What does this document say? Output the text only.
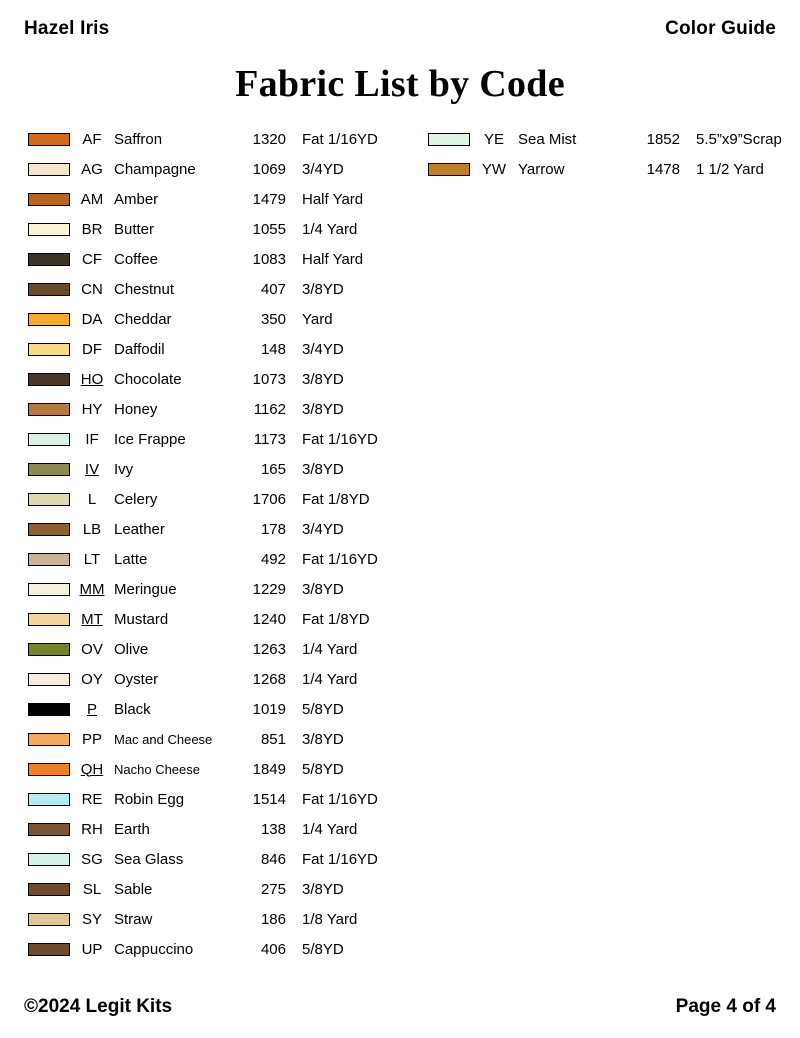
Hazel Iris	Color Guide
Fabric List by Code
AF Saffron	1320	Fat 1/16YD
AG Champagne	1069	3/4YD
AM Amber	1479	Half Yard
BR Butter	1055	1/4 Yard
CF Coffee	1083	Half Yard
CN Chestnut	407	3/8YD
DA Cheddar	350	Yard
DF Daffodil	148	3/4YD
HO Chocolate	1073	3/8YD
HY Honey	1162	3/8YD
IF	Ice Frappe	1173	Fat 1/16YD
IV Ivy	165	3/8YD
L	Celery	1706	Fat 1/8YD
LB Leather	178	3/4YD
LT Latte	492	Fat 1/16YD
MM Meringue	1229	3/8YD
MT Mustard	1240	Fat 1/8YD
OV Olive	1263	1/4 Yard
OY Oyster	1268	1/4 Yard
P	Black	1019	5/8YD
PP Mac and Cheese	851	3/8YD
QH Nacho Cheese	1849	5/8YD
RE Robin Egg	1514	Fat 1/16YD
RH Earth	138	1/4 Yard
SG Sea Glass	846	Fat 1/16YD
SL Sable	275	3/8YD
SY Straw	186	1/8 Yard
UP Cappuccino	406	5/8YD
YE Sea Mist	1852	5.5”x9”Scrap
YW Yarrow	1478	1 1/2 Yard
©2024 Legit Kits	Page 4 of 4
